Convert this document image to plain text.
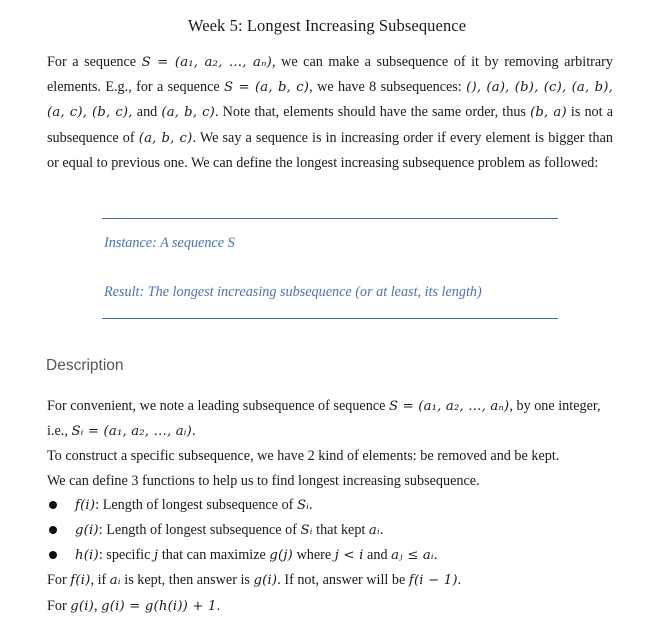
Week 5: Longest Increasing Subsequence

For a sequence S = (a₁, a₂, …, aₙ), we can make a subsequence of it by removing arbitrary elements. E.g., for a sequence S = (a, b, c), we have 8 subsequences: (), (a), (b), (c), (a, b), (a, c), (b, c), and (a, b, c). Note that, elements should have the same order, thus (b, a) is not a subsequence of (a, b, c). We say a sequence is in increasing order if every element is bigger than or equal to previous one. We can define the longest increasing subsequence problem as followed:

Instance: A sequence S
Result: The longest increasing subsequence (or at least, its length)
Description

For convenient, we note a leading subsequence of sequence S = (a₁, a₂, …, aₙ), by one integer, i.e., Sᵢ = (a₁, a₂, …, aᵢ).

To construct a specific subsequence, we have 2 kind of elements: be removed and be kept.

We can define 3 functions to help us to find longest increasing subsequence.

f(i): Length of longest subsequence of Sᵢ.
g(i): Length of longest subsequence of Sᵢ that kept aᵢ.
h(i): specific j that can maximize g(j) where j < i and aⱼ ≤ aᵢ.

For f(i), if aᵢ is kept, then answer is g(i). If not, answer will be f(i − 1).

For g(i), g(i) = g(h(i)) + 1.
